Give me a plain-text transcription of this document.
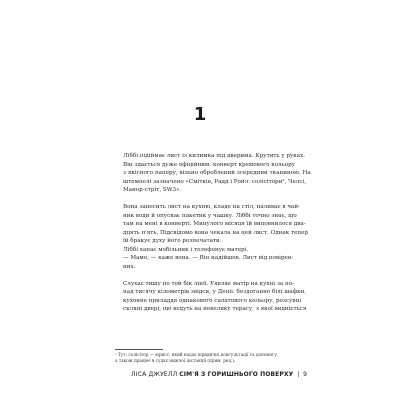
1

Ліббі підіймає лист із килимка під дверима. Крутить у руках.
Він здається дуже офіційним: конверт кремового кольору
з якісного паперу, вільно оброблений зсередини тканиною. На
штемпелі зазначено «Смітків, Радд і Ройл: солісітори¹, Челсі,
Манор-стріт, SW3».

Вона заносить лист на кухню, кладе на стіл, наливає в чай-
ник води й опускає пакетик у чашку. Ліббі точно знає, що
там на мені в конверті. Минулого місяця їй виповнилося два-
дцять п'ять. Підсвідомо вона чекала на цей лист. Однак тепер
їй бракує духу його розпечатати.

Ліббі хапає мобільник і телефонує матері.

— Мамо, — каже вона. — Він надійшов. Лист від повірен-
них.

Слухає тишу по той бік лінії. Уявляє матір на кухні за по-
над тисячу кілометрів звідси, у Деніі: бездоганно білі шафки,
кухонне приладдя однакового салатового кольору, розсувні
скляні двері, що ведуть на невелику терасу, з якої видніється

¹ Тут: солісітор — юрист, який надає юридичні консультації та допомогу,
а також працює в судах нижчої інстанції (прим. ред.).
ЛІСА ДЖУЕЛЛ СІМ'Я З ГОРИШНЬОГО ПОВЕРХУ | 9
